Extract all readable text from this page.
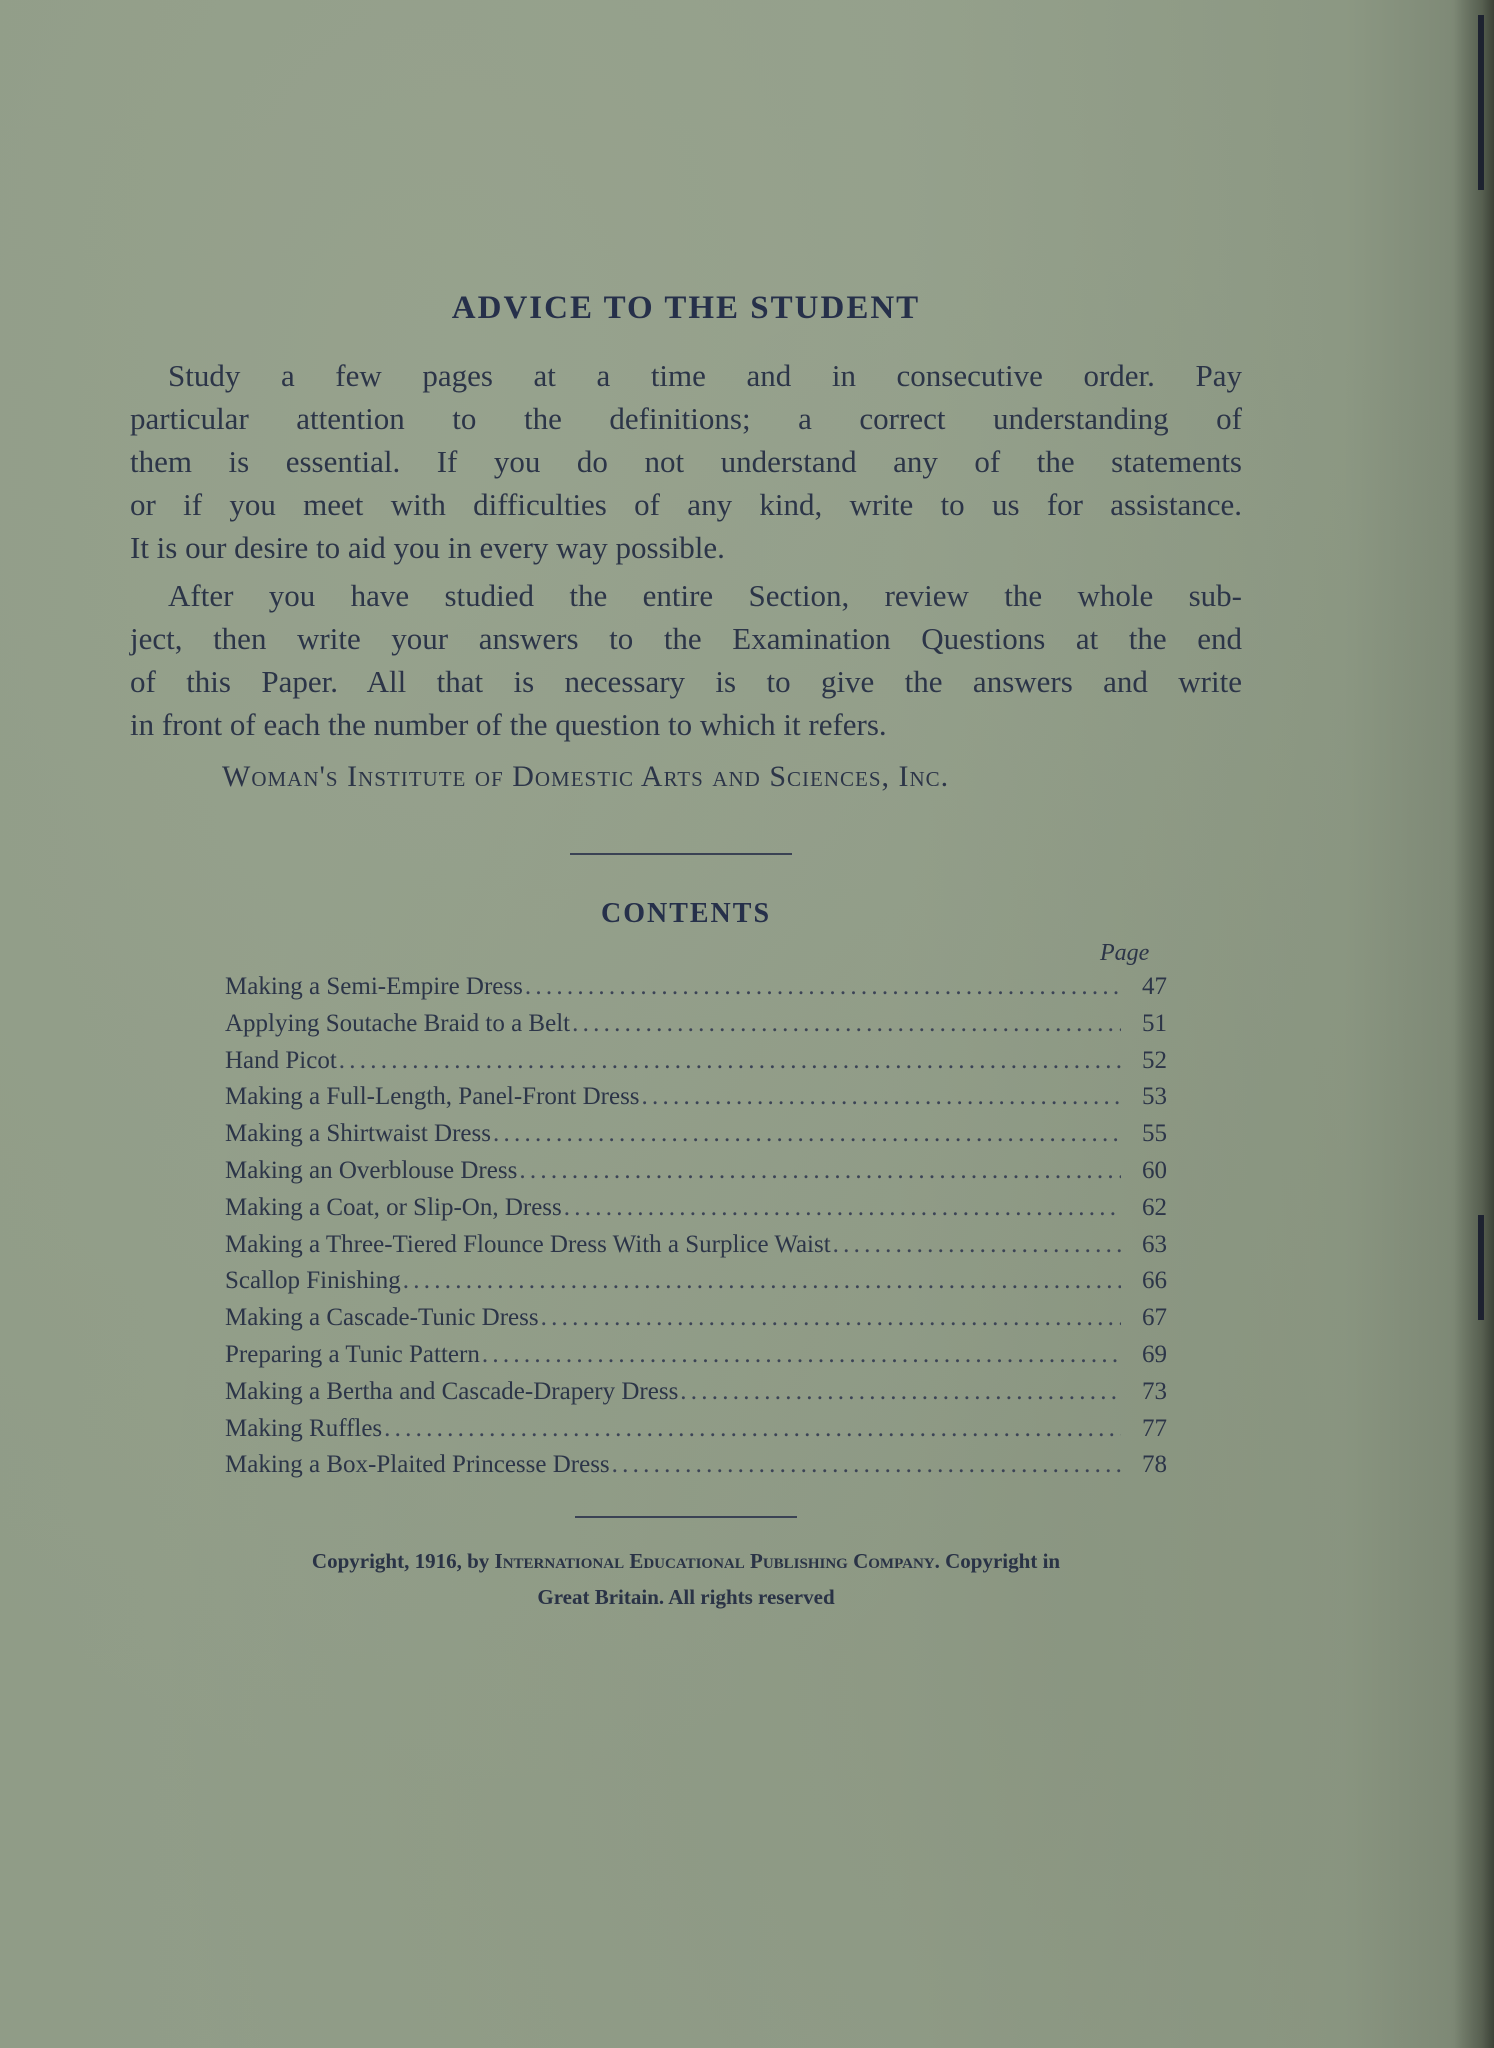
ADVICE TO THE STUDENT
Study a few pages at a time and in consecutive order. Pay
particular attention to the definitions; a correct understanding of
them is essential. If you do not understand any of the statements
or if you meet with difficulties of any kind, write to us for assistance.
It is our desire to aid you in every way possible.
After you have studied the entire Section, review the whole sub-
ject, then write your answers to the Examination Questions at the end
of this Paper. All that is necessary is to give the answers and write
in front of each the number of the question to which it refers.
Woman's Institute of Domestic Arts and Sciences, Inc.
CONTENTS
Page
Making a Semi-Empire Dress . . .	47
Applying Soutache Braid to a Belt . . .	51
Hand Picot . . .	52
Making a Full-Length, Panel-Front Dress . . .	53
Making a Shirtwaist Dress . . .	55
Making an Overblouse Dress . . .	60
Making a Coat, or Slip-On, Dress . . .	62
Making a Three-Tiered Flounce Dress With a Surplice Waist . . .	63
Scallop Finishing . . .	66
Making a Cascade-Tunic Dress . . .	67
Preparing a Tunic Pattern . . .	69
Making a Bertha and Cascade-Drapery Dress . . .	73
Making Ruffles . . .	77
Making a Box-Plaited Princesse Dress . . .	78
Copyright, 1916, by International Educational Publishing Company. Copyright in
Great Britain. All rights reserved
